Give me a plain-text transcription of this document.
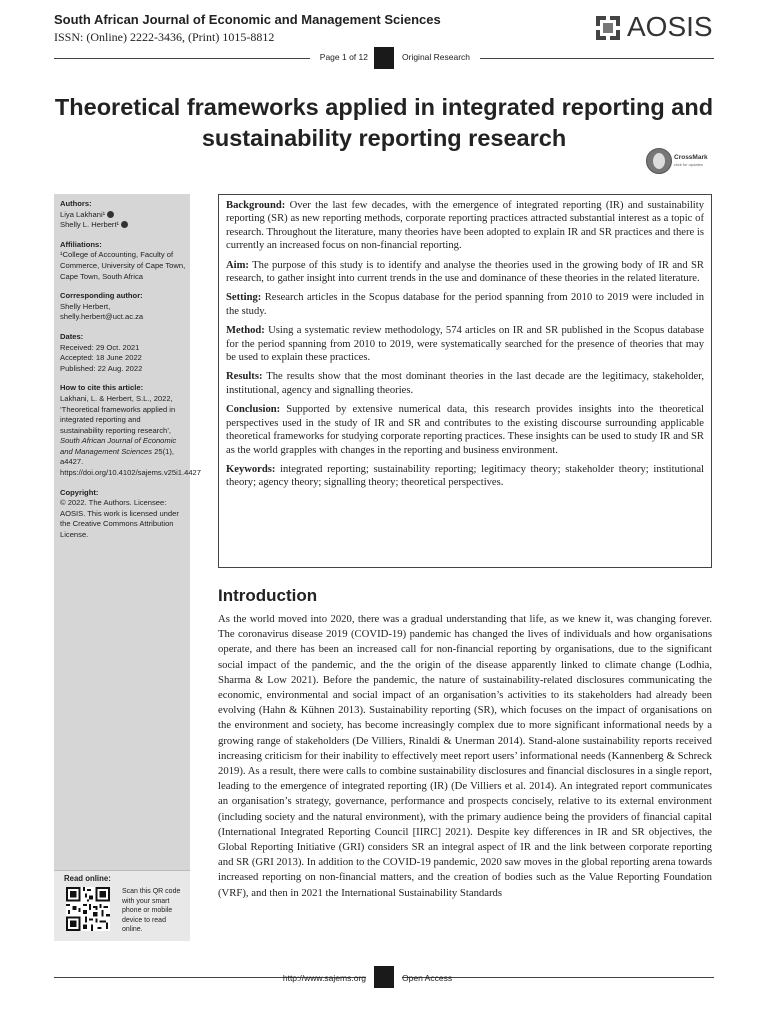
South African Journal of Economic and Management Sciences
ISSN: (Online) 2222-3436, (Print) 1015-8812	AOSIS
Page 1 of 12	Original Research
Theoretical frameworks applied in integrated reporting and sustainability reporting research
CrossMark
click for updates
Authors:
Liya Lakhani¹
Shelly L. Herbert¹
Affiliations:
¹College of Accounting, Faculty of Commerce, University of Cape Town, Cape Town, South Africa
Corresponding author:
Shelly Herbert,
shelly.herbert@uct.ac.za
Dates:
Received: 29 Oct. 2021
Accepted: 18 June 2022
Published: 22 Aug. 2022
How to cite this article:
Lakhani, L. & Herbert, S.L., 2022, ‘Theoretical frameworks applied in integrated reporting and sustainability reporting research’, South African Journal of Economic and Management Sciences 25(1), a4427. https://doi.org/10.4102/sajems.v25i1.4427
Copyright:
© 2022. The Authors. Licensee: AOSIS. This work is licensed under the Creative Commons Attribution License.
Read online:
Scan this QR code with your smart phone or mobile device to read online.

Background: Over the last few decades, with the emergence of integrated reporting (IR) and sustainability reporting (SR) as new reporting methods, corporate reporting practices attracted substantial interest as a topic of research. Throughout the literature, many theories have been adopted to explain IR and SR practices and there is currently an increased focus on non-financial reporting.

Aim: The purpose of this study is to identify and analyse the theories used in the growing body of IR and SR research, to gather insight into current trends in the use and dominance of these theories in the related literature.

Setting: Research articles in the Scopus database for the period spanning from 2010 to 2019 were included in the study.

Method: Using a systematic review methodology, 574 articles on IR and SR published in the Scopus database for the period spanning from 2010 to 2019, were systematically searched for the presence of theories that may be used to explain these practices.

Results: The results show that the most dominant theories in the last decade are the legitimacy, stakeholder, institutional, agency and signalling theories.

Conclusion: Supported by extensive numerical data, this research provides insights into the theoretical perspectives used in the study of IR and SR and contributes to the existing discourse surrounding applicable theoretical frameworks for studying corporate reporting practices. These insights can be used to study IR and SR as the world grapples with changes in the reporting and business environment.

Keywords: integrated reporting; sustainability reporting; legitimacy theory; stakeholder theory; institutional theory; agency theory; signalling theory; theoretical perspectives.

Introduction

As the world moved into 2020, there was a gradual understanding that life, as we knew it, was changing forever. The coronavirus disease 2019 (COVID-19) pandemic has changed the lives of individuals and how organisations operate, and there has been an increased call for non-financial reporting by organisations, due to the significant social impact of the pandemic, and the the origin of the disease apparently linked to climate change (Lodhia, Sharma & Low 2021). Before the pandemic, the nature of sustainability-related disclosures communicating the economic, environmental and social impact of an organisation’s activities to its stakeholders had already been evolving (Hahn & Kühnen 2013). Sustainability reporting (SR), which focuses on the impact of organisations on the environment and society, has become increasingly complex due to more significant informational needs by a growing range of stakeholders (De Villiers, Rinaldi & Unerman 2014). Stand-alone sustainability reports received increasing criticism for their inability to effectively meet report users’ informational needs (Kannenberg & Schreck 2019). As a result, there were calls to combine sustainability disclosures and financial disclosures in a single report, leading to the emergence of integrated reporting (IR) (De Villiers et al. 2014). An integrated report communicates an organisation’s strategy, governance, performance and prospects concisely, relative to its external environment (including society and the natural environment), with the primary audience being the providers of financial capital (International Integrated Reporting Council [IIRC] 2021). Despite key differences in IR and SR objectives, the Global Reporting Initiative (GRI) considers SR an integral aspect of IR and the link between corporate reporting and SR (GRI 2013). In addition to the COVID-19 pandemic, 2020 saw moves in the global reporting arena towards increased reporting on non-financial matters, and the creation of bodies such as the Value Reporting Foundation (VRF), and then in 2021 the International Sustainability Standards

http://www.sajems.org	Open Access
